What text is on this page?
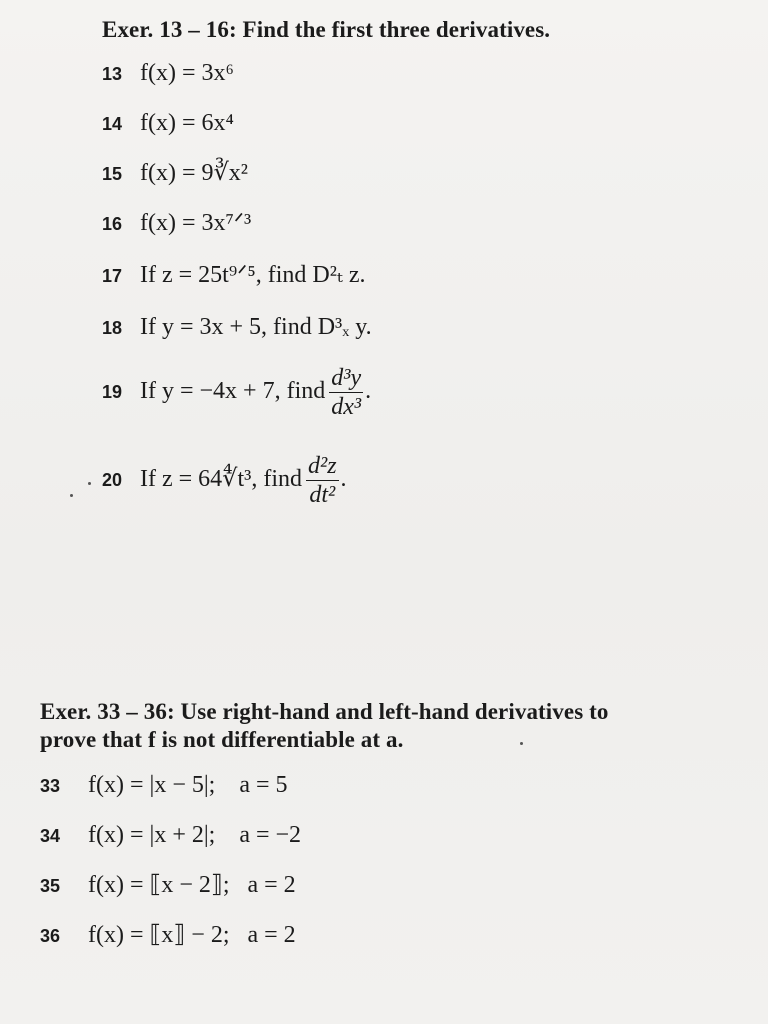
Exer. 13 – 16: Find the first three derivatives.
13 f(x) = 3x⁶
14 f(x) = 6x⁴
15 f(x) = 9∛x²
16 f(x) = 3x⁷ᐟ³
17 If z = 25t⁹ᐟ⁵, find D²ₜ z.
18 If y = 3x + 5, find D³ₓ y.
19 If y = −4x + 7, find $\frac{\text{d³y}}{\text{dx³}}$ .
20 If z = 64∜t³, find $\frac{\text{d²z}}{\text{dt²}}$ .
Exer. 33 – 36: Use right-hand and left-hand derivatives to
prove that f is not differentiable at a.
33 f(x) = |x − 5|;    a = 5
34 f(x) = |x + 2|;    a = −2
35 f(x) = ⟦x − 2⟧;   a = 2
36 f(x) = ⟦x⟧ − 2;   a = 2
